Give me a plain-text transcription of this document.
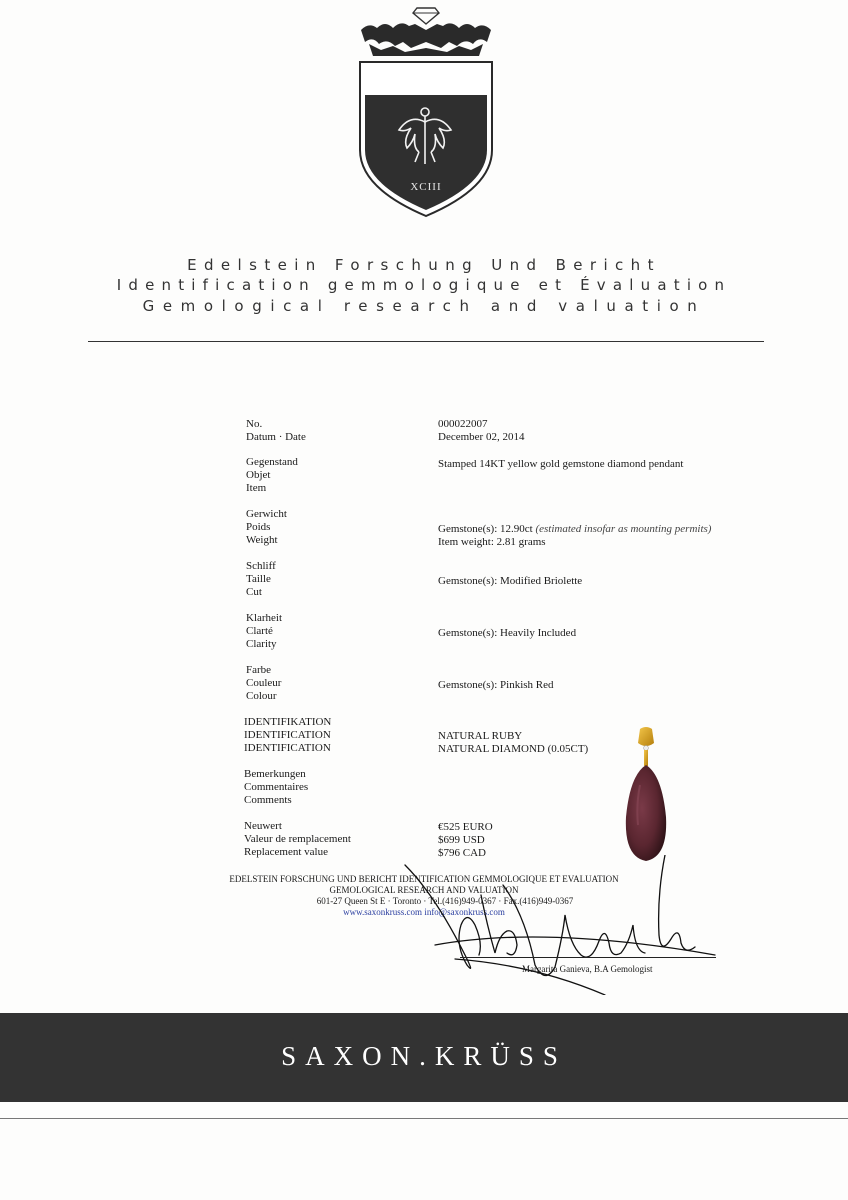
XCIII
Edelstein Forschung Und Bericht
Identification gemmologique et Évaluation
Gemological research and valuation
No.
Datum · Date
000022007
December 02, 2014
Gegenstand
Objet
Item
Stamped 14KT yellow gold gemstone diamond pendant
Gerwicht
Poids
Weight
Gemstone(s): 12.90ct (estimated insofar as mounting permits)
Item weight: 2.81 grams
Schliff
Taille
Cut
Gemstone(s): Modified Briolette
Klarheit
Clarté
Clarity
Gemstone(s): Heavily Included
Farbe
Couleur
Colour
Gemstone(s): Pinkish Red
IDENTIFIKATION
IDENTIFICATION
IDENTIFICATION
NATURAL RUBY
NATURAL DIAMOND (0.05CT)
Bemerkungen
Commentaires
Comments
Neuwert
Valeur de remplacement
Replacement value
€525 EURO
$699 USD
$796 CAD
EDELSTEIN FORSCHUNG UND BERICHT IDENTIFICATION GEMMOLOGIQUE ET EVALUATION
GEMOLOGICAL RESEARCH AND VALUATION
601-27 Queen St E · Toronto · Tel.(416)949-0367 · Fax.(416)949-0367
www.saxonkruss.com info@saxonkruss.com
Margarita Ganieva, B.A Gemologist
SAXON.KRÜSS
